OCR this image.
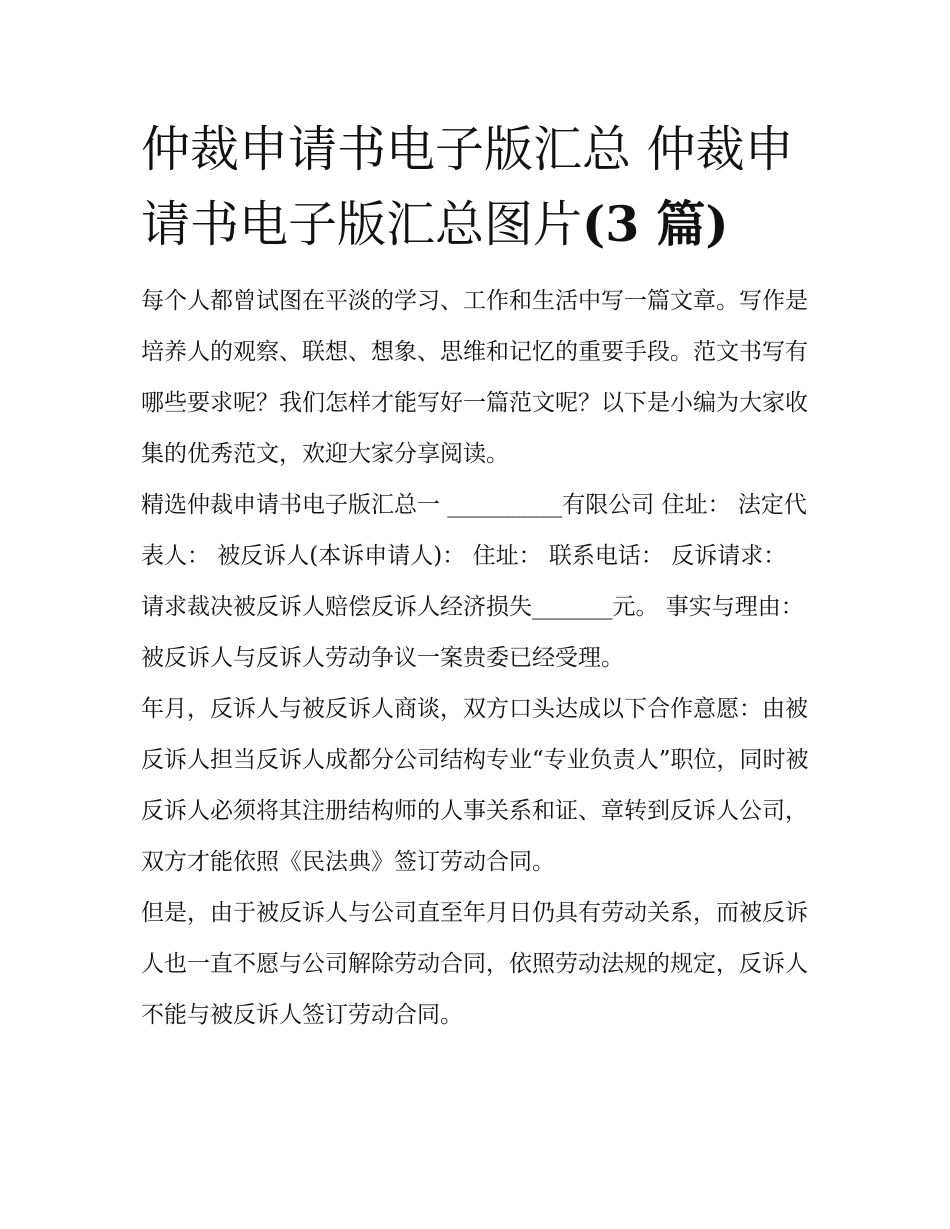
仲裁申请书电子版汇总 仲裁申请书电子版汇总图片(3 篇)

每个人都曾试图在平淡的学习、工作和生活中写一篇文章。写作是培养人的观察、联想、想象、思维和记忆的重要手段。范文书写有哪些要求呢？我们怎样才能写好一篇范文呢？以下是小编为大家收集的优秀范文，欢迎大家分享阅读。

精选仲裁申请书电子版汇总一 __________有限公司 住址： 法定代表人： 被反诉人(本诉申请人)： 住址： 联系电话： 反诉请求：

请求裁决被反诉人赔偿反诉人经济损失_______元。 事实与理由： 被反诉人与反诉人劳动争议一案贵委已经受理。

年月，反诉人与被反诉人商谈，双方口头达成以下合作意愿：由被反诉人担当反诉人成都分公司结构专业“专业负责人”职位，同时被反诉人必须将其注册结构师的人事关系和证、章转到反诉人公司，双方才能依照《民法典》签订劳动合同。

但是，由于被反诉人与公司直至年月日仍具有劳动关系，而被反诉人也一直不愿与公司解除劳动合同，依照劳动法规的规定，反诉人不能与被反诉人签订劳动合同。
